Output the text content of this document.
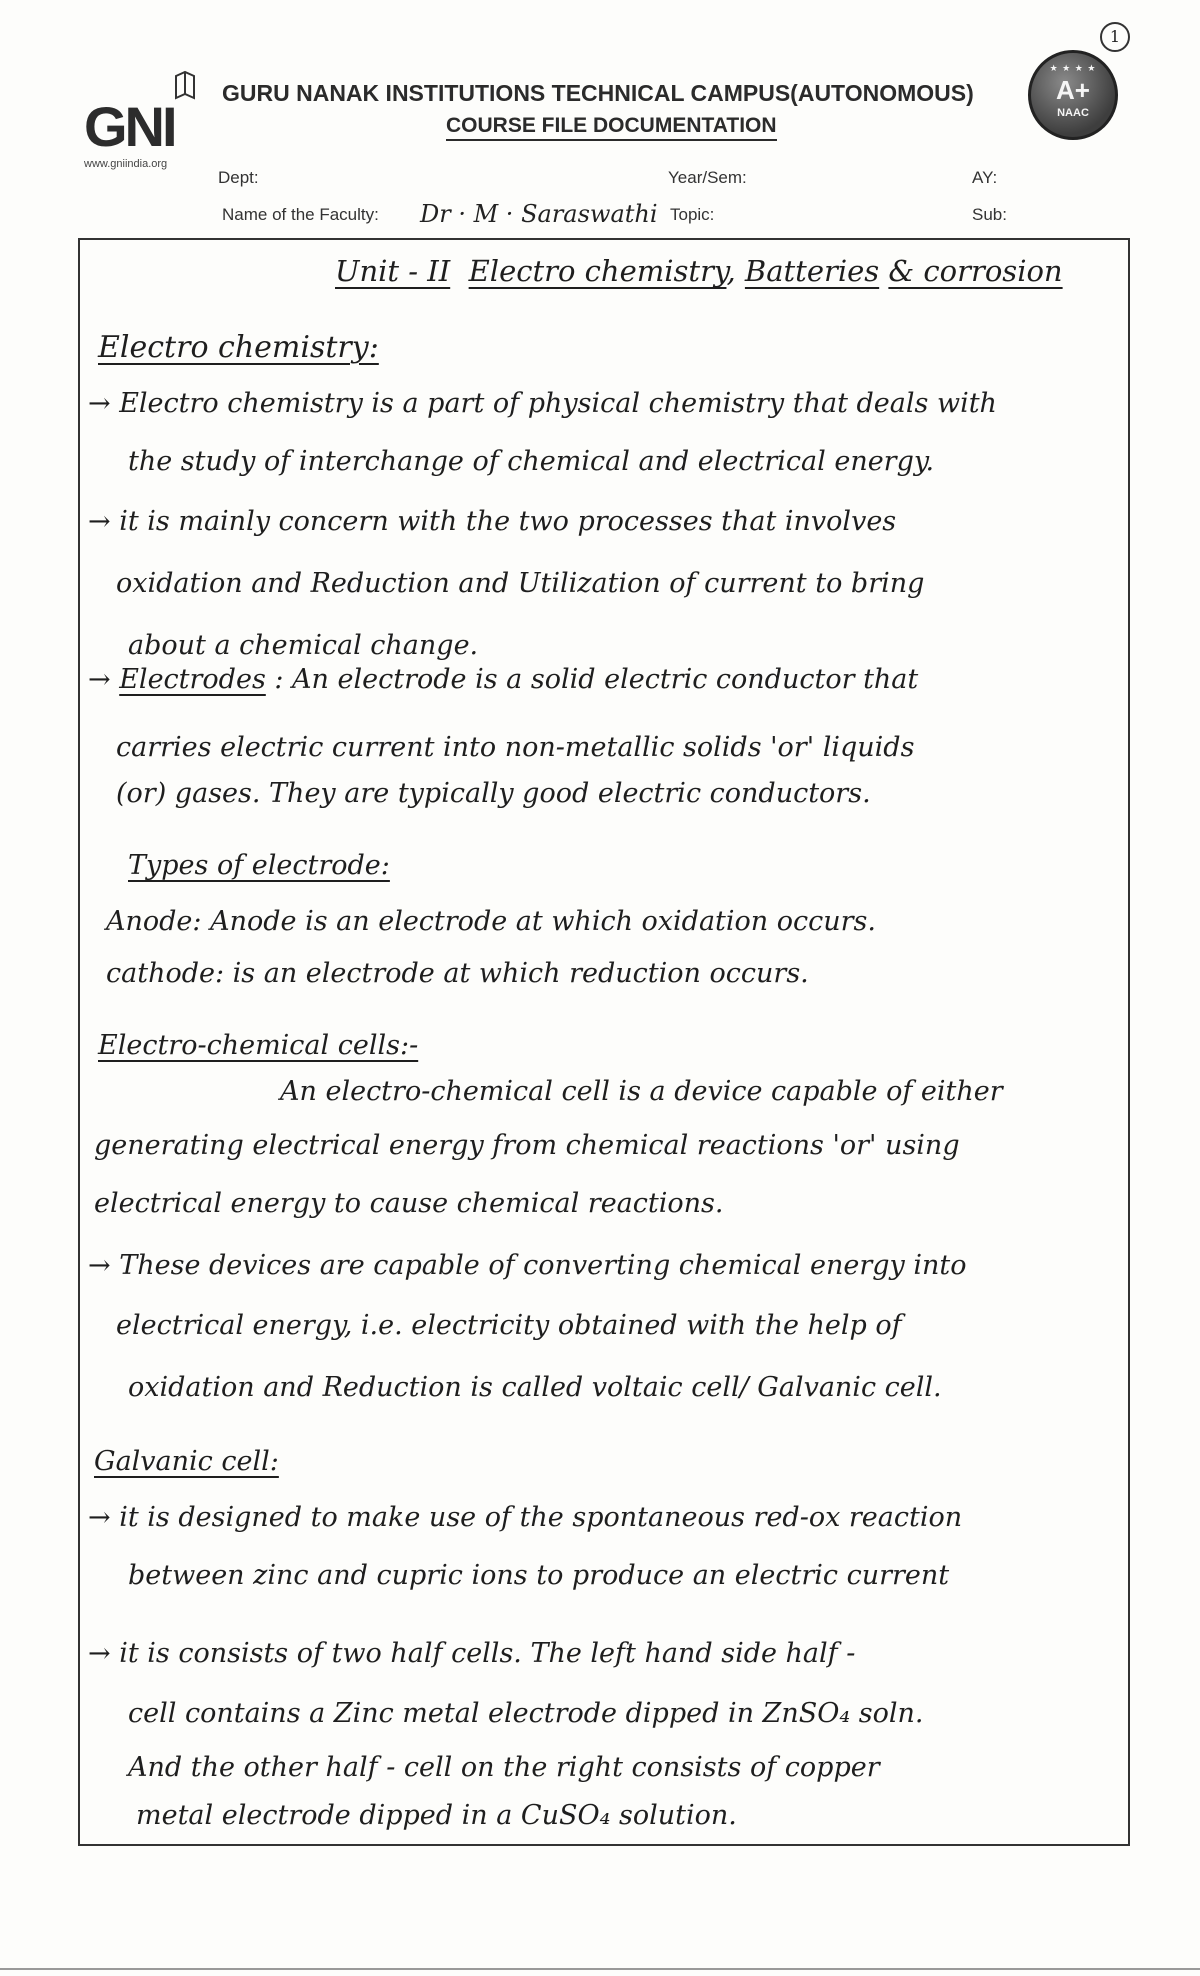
1
GNI
www.gniindia.org
GURU NANAK INSTITUTIONS TECHNICAL CAMPUS(AUTONOMOUS)
COURSE FILE DOCUMENTATION
★ ★ ★ ★
A+
NAAC
Dept:	Year/Sem:	AY:
Name of the Faculty: Dr · M · Saraswathi Topic:	Sub:
Unit - II Electro chemistry, Batteries & corrosion
Electro chemistry:
→ Electro chemistry is a part of physical chemistry that deals with
the study of interchange of chemical and electrical energy.
→ it is mainly concern with the two processes that involves
oxidation and Reduction and Utilization of current to bring
about a chemical change.
→ Electrodes : An electrode is a solid electric conductor that
carries electric current into non-metallic solids 'or' liquids
(or) gases. They are typically good electric conductors.
Types of electrode:
Anode: Anode is an electrode at which oxidation occurs.
cathode: is an electrode at which reduction occurs.
Electro-chemical cells:-
An electro-chemical cell is a device capable of either
generating electrical energy from chemical reactions 'or' using
electrical energy to cause chemical reactions.
→ These devices are capable of converting chemical energy into
electrical energy, i.e. electricity obtained with the help of
oxidation and Reduction is called voltaic cell/ Galvanic cell.
Galvanic cell:
→ it is designed to make use of the spontaneous red-ox reaction
between zinc and cupric ions to produce an electric current
→ it is consists of two half cells. The left hand side half -
cell contains a Zinc metal electrode dipped in ZnSO₄ soln.
And the other half - cell on the right consists of copper
metal electrode dipped in a CuSO₄ solution.
